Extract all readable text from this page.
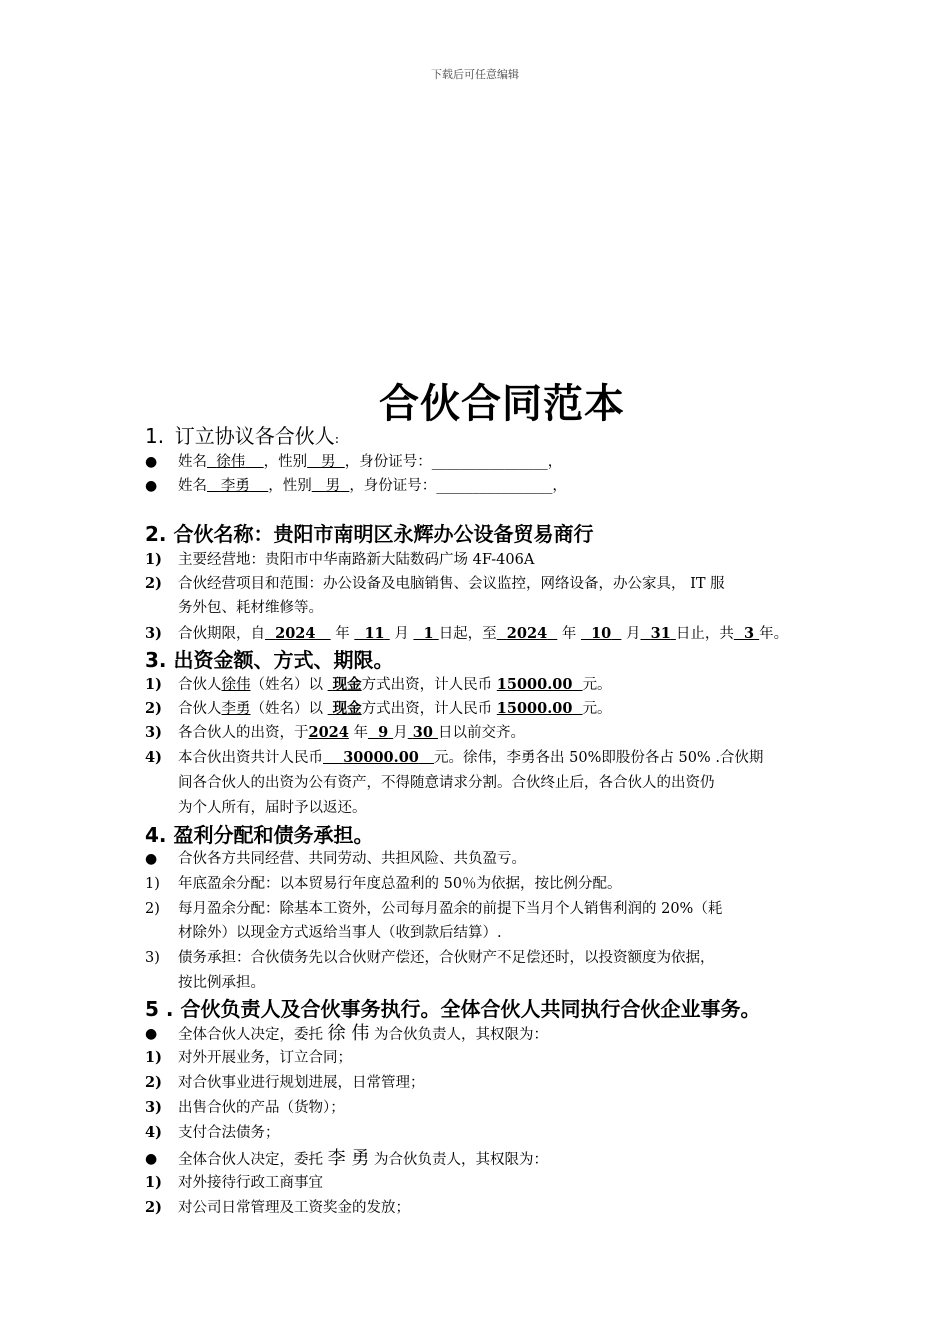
下载后可任意编辑
合伙合同范本
1. 订立协议各合伙人:
● 姓名 徐伟 ，性别 男 ，身份证号：________________，
● 姓名 李勇 ，性别 男 ，身份证号：________________，
2. 合伙名称：贵阳市南明区永辉办公设备贸易商行
1) 主要经营地：贵阳市中华南路新大陆数码广场 4F-406A
2) 合伙经营项目和范围：办公设备及电脑销售、会议监控，网络设备，办公家具， IT 服
务外包、耗材维修等。
3) 合伙期限，自 2024 年 11 月 1 日起，至 2024 年 10 月 31 日止，共 3 年。
3. 出资金额、方式、期限。
1) 合伙人徐伟（姓名）以 现金方式出资，计人民币 15000.00 元。
2) 合伙人李勇（姓名）以 现金方式出资，计人民币 15000.00 元。
3) 各合伙人的出资，于2024 年 9 月 30 日以前交齐。
4) 本合伙出资共计人民币 30000.00 元。徐伟，李勇各出 50%即股份各占 50% .合伙期
间各合伙人的出资为公有资产，不得随意请求分割。合伙终止后，各合伙人的出资仍
为个人所有，届时予以返还。
4. 盈利分配和债务承担。
● 合伙各方共同经营、共同劳动、共担风险、共负盈亏。
1) 年底盈余分配：以本贸易行年度总盈利的 50％为依据，按比例分配。
2) 每月盈余分配：除基本工资外，公司每月盈余的前提下当月个人销售利润的 20%（耗
材除外）以现金方式返给当事人（收到款后结算）.
3) 债务承担：合伙债务先以合伙财产偿还，合伙财产不足偿还时，以投资额度为依据，
按比例承担。
5 . 合伙负责人及合伙事务执行。全体合伙人共同执行合伙企业事务。
● 全体合伙人决定，委托 徐 伟 为合伙负责人，其权限为：
1) 对外开展业务，订立合同；
2) 对合伙事业进行规划进展，日常管理；
3) 出售合伙的产品（货物）；
4) 支付合法债务；
● 全体合伙人决定，委托 李 勇 为合伙负责人，其权限为：
1) 对外接待行政工商事宜
2) 对公司日常管理及工资奖金的发放；
